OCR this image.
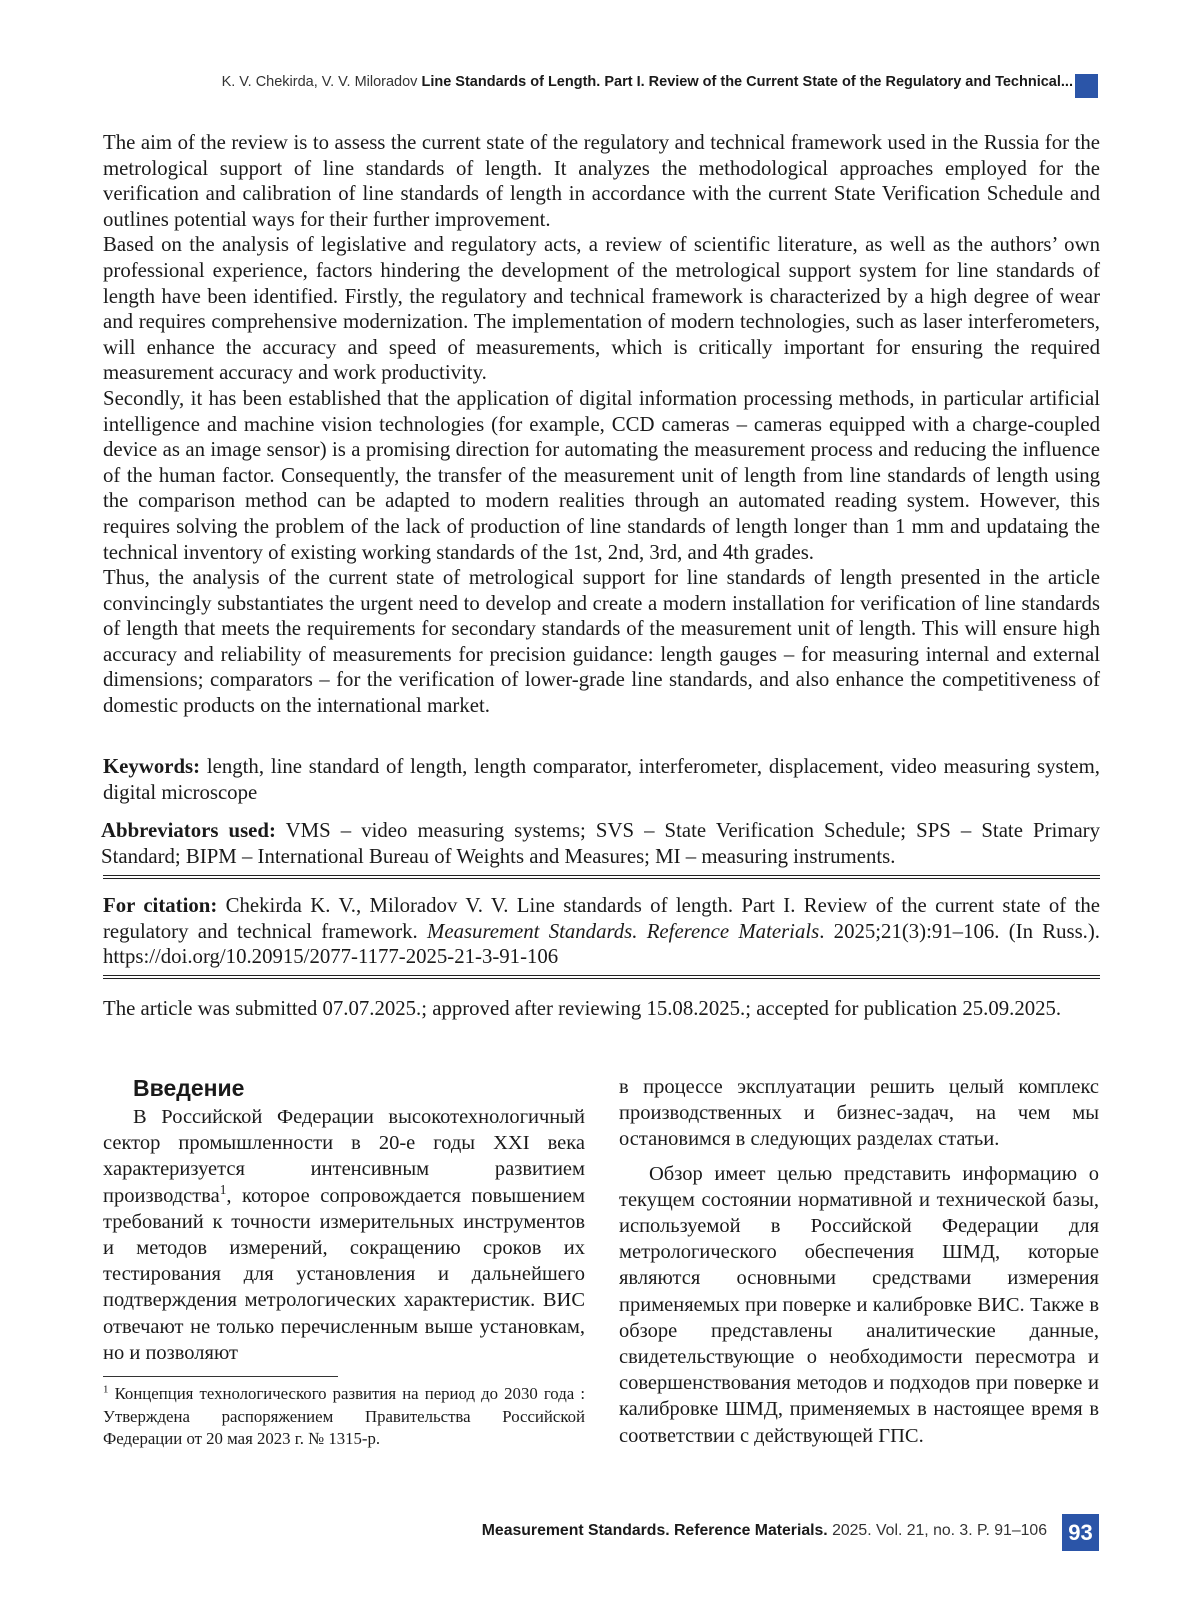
K. V. Chekirda, V. V. Miloradov Line Standards of Length. Part I. Review of the Current State of the Regulatory and Technical...

The aim of the review is to assess the current state of the regulatory and technical framework used in the Russia for the metrological support of line standards of length. It analyzes the methodological approaches employed for the verification and calibration of line standards of length in accordance with the current State Verification Schedule and outlines potential ways for their further improvement.

Based on the analysis of legislative and regulatory acts, a review of scientific literature, as well as the authors’ own professional experience, factors hindering the development of the metrological support system for line standards of length have been identified. Firstly, the regulatory and technical framework is characterized by a high degree of wear and requires comprehensive modernization. The implementation of modern technologies, such as laser interferometers, will enhance the accuracy and speed of measurements, which is critically important for ensuring the required measurement accuracy and work productivity.

Secondly, it has been established that the application of digital information processing methods, in particular artificial intelligence and machine vision technologies (for example, CCD cameras – cameras equipped with a charge-coupled device as an image sensor) is a promising direction for automating the measurement process and reducing the influence of the human factor. Consequently, the transfer of the measurement unit of length from line standards of length using the comparison method can be adapted to modern realities through an automated reading system. However, this requires solving the problem of the lack of production of line standards of length longer than 1 mm and updataing the technical inventory of existing working standards of the 1st, 2nd, 3rd, and 4th grades.

Thus, the analysis of the current state of metrological support for line standards of length presented in the article convincingly substantiates the urgent need to develop and create a modern installation for verification of line standards of length that meets the requirements for secondary standards of the measurement unit of length. This will ensure high accuracy and reliability of measurements for precision guidance: length gauges – for measuring internal and external dimensions; comparators – for the verification of lower-grade line standards, and also enhance the competitiveness of domestic products on the international market.

Keywords: length, line standard of length, length comparator, interferometer, displacement, video measuring system, digital microscope

Abbreviators used: VMS – video measuring systems; SVS – State Verification Schedule; SPS – State Primary Standard; BIPM – International Bureau of Weights and Measures; MI – measuring instruments.

For citation: Chekirda K. V., Miloradov V. V. Line standards of length. Part I. Review of the current state of the regulatory and technical framework. Measurement Standards. Reference Materials. 2025;21(3):91–106. (In Russ.). https://doi.org/10.20915/2077-1177-2025-21-3-91-106

The article was submitted 07.07.2025.; approved after reviewing 15.08.2025.; accepted for publication 25.09.2025.

Введение

В Российской Федерации высокотехнологичный сектор промышленности в 20-е годы XXI века характеризуется интенсивным развитием производства$^1$, которое сопровождается повышением требований к точности измерительных инструментов и методов измерений, сокращению сроков их тестирования для установления и дальнейшего подтверждения метрологических характеристик. ВИС отвечают не только перечисленным выше установкам, но и позволяют

$^1$ Концепция технологического развития на период до 2030 года : Утверждена распоряжением Правительства Российской Федерации от 20 мая 2023 г. № 1315-р.

в процессе эксплуатации решить целый комплекс производственных и бизнес-задач, на чем мы остановимся в следующих разделах статьи.

Обзор имеет целью представить информацию о текущем состоянии нормативной и технической базы, используемой в Российской Федерации для метрологического обеспечения ШМД, которые являются основными средствами измерения применяемых при поверке и калибровке ВИС. Также в обзоре представлены аналитические данные, свидетельствующие о необходимости пересмотра и совершенствования методов и подходов при поверке и калибровке ШМД, применяемых в настоящее время в соответствии с действующей ГПС.

Measurement Standards. Reference Materials. 2025. Vol. 21, no. 3. P. 91–106 93
